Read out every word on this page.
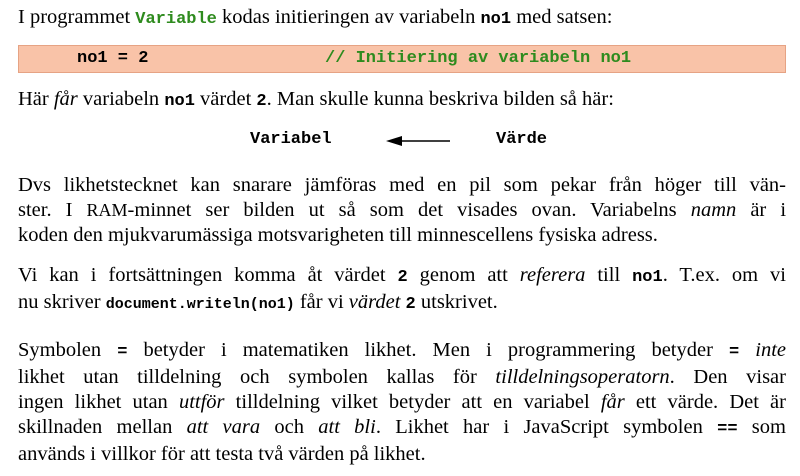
I programmet Variable kodas initieringen av variabeln no1 med satsen:
no1 = 2	// Initiering av variabeln no1
Här får variabeln no1 värdet 2. Man skulle kunna beskriva bilden så här:
Variabel	Värde
Dvs likhetstecknet kan snarare jämföras med en pil som pekar från höger till vän-
ster. I RAM-minnet ser bilden ut så som det visades ovan. Variabelns namn är i
koden den mjukvarumässiga motsvarigheten till minnescellens fysiska adress.
Vi kan i fortsättningen komma åt värdet 2 genom att referera till no1. T.ex. om vi
nu skriver document.writeln(no1) får vi värdet 2 utskrivet.
Symbolen = betyder i matematiken likhet. Men i programmering betyder = inte
likhet utan tilldelning och symbolen kallas för tilldelningsoperatorn. Den visar
ingen likhet utan uttför tilldelning vilket betyder att en variabel får ett värde. Det är
skillnaden mellan att vara och att bli. Likhet har i JavaScript symbolen == som
används i villkor för att testa två värden på likhet.
